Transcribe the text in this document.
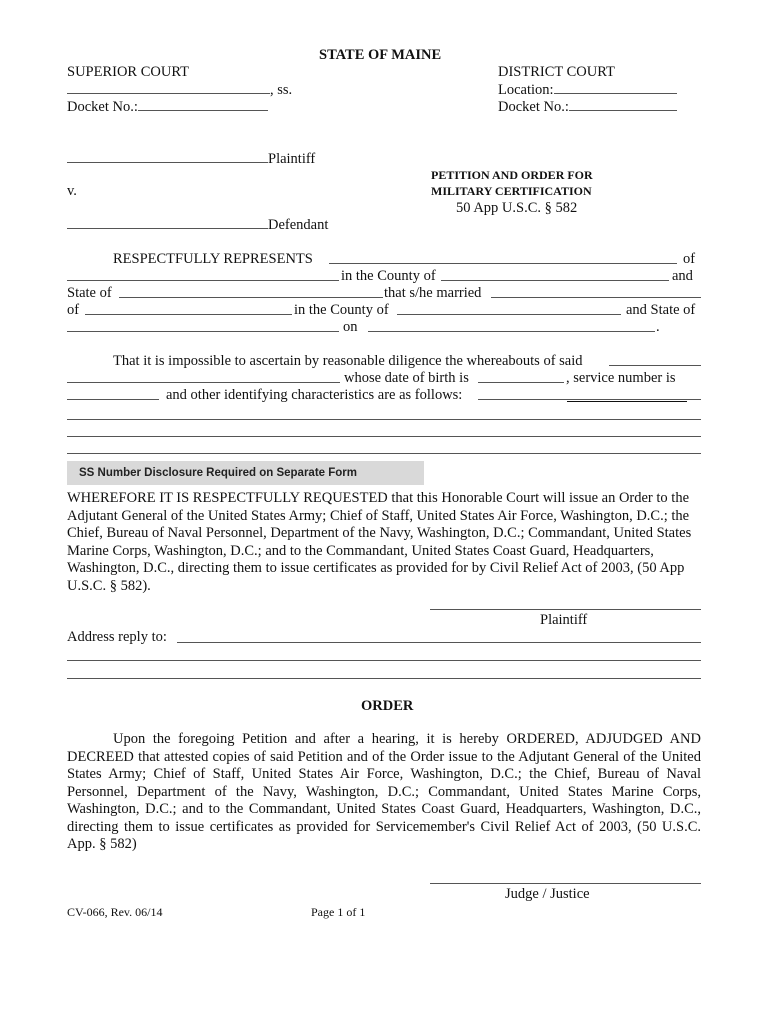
STATE OF MAINE
SUPERIOR COURT
, ss.
Docket No.:
DISTRICT COURT
Location:
Docket No.:
Plaintiff
v.
Defendant
PETITION AND ORDER FOR
MILITARY CERTIFICATION
50 App U.S.C. § 582
RESPECTFULLY REPRESENTS	of
in the County of	and
State of	that s/he married
of	in the County of	and State of
on	.
That it is impossible to ascertain by reasonable diligence the whereabouts of said
whose date of birth is	, service number is
and other identifying characteristics are as follows:
SS Number Disclosure Required on Separate Form
WHEREFORE IT IS RESPECTFULLY REQUESTED that this Honorable Court will issue an Order to the Adjutant General of the United States Army; Chief of Staff, United States Air Force, Washington, D.C.; the Chief, Bureau of Naval Personnel, Department of the Navy, Washington, D.C.; Commandant, United States Marine Corps, Washington, D.C.; and to the Commandant, United States Coast Guard, Headquarters, Washington, D.C., directing them to issue certificates as provided for by Civil Relief Act of 2003, (50 App U.S.C. § 582).
Plaintiff
Address reply to:
ORDER
Upon the foregoing Petition and after a hearing, it is hereby ORDERED, ADJUDGED AND DECREED that attested copies of said Petition and of the Order issue to the Adjutant General of the United States Army; Chief of Staff, United States Air Force, Washington, D.C.; the Chief, Bureau of Naval Personnel, Department of the Navy, Washington, D.C.; Commandant, United States Marine Corps, Washington, D.C.; and to the Commandant, United States Coast Guard, Headquarters, Washington, D.C., directing them to issue certificates as provided for Servicemember's Civil Relief Act of 2003, (50 U.S.C. App. § 582)
Judge / Justice
CV-066, Rev. 06/14	Page 1 of 1
